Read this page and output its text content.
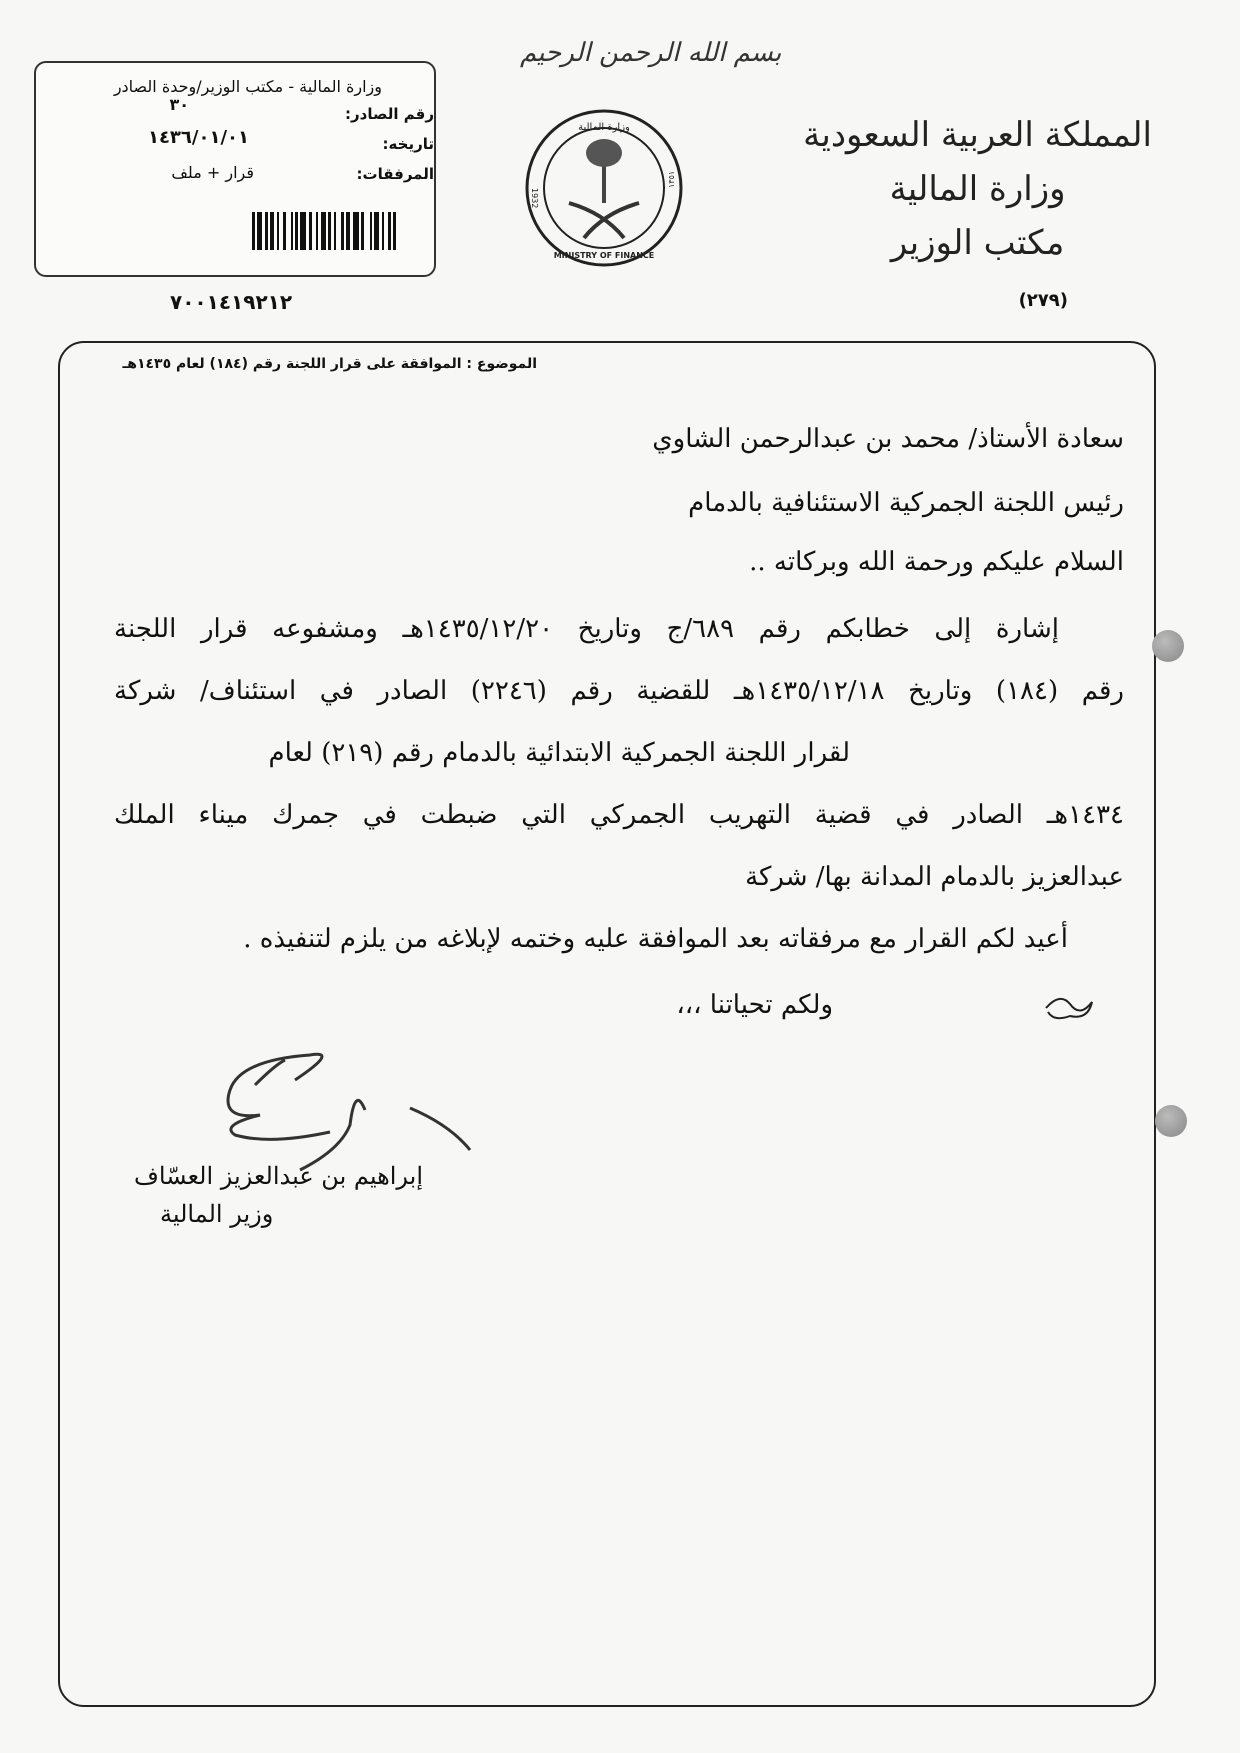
وزارة المالية - مكتب الوزير/وحدة الصادر
رقم الصادر:
٣٠
تاريخه:
١٤٣٦/٠١/٠١
المرفقات:
قرار + ملف
٧٠٠١٤١٩٢١٢
بسم الله الرحمن الرحيم
وزارة المالية
MINISTRY OF FINANCE
1932
١٣٥١
المملكة العربية السعودية
وزارة المالية
مكتب الوزير
(٢٧٩)
الموضوع : الموافقة على قرار اللجنة رقم (١٨٤) لعام ١٤٣٥هـ
سعادة الأستاذ/ محمد بن عبدالرحمن الشاوي
رئيس اللجنة الجمركية الاستئنافية بالدمام
السلام عليكم ورحمة الله وبركاته ..
إشارة إلى خطابكم رقم ٦٨٩/ج وتاريخ ١٤٣٥/١٢/٢٠هـ ومشفوعه قرار اللجنة
رقم (١٨٤) وتاريخ ١٤٣٥/١٢/١٨هـ للقضية رقم (٢٢٤٦) الصادر في استئناف/ شركة
لقرار اللجنة الجمركية الابتدائية بالدمام رقم (٢١٩) لعام
١٤٣٤هـ الصادر في قضية التهريب الجمركي التي ضبطت في جمرك ميناء الملك
عبدالعزيز بالدمام المدانة بها/ شركة
أعيد لكم القرار مع مرفقاته بعد الموافقة عليه وختمه لإبلاغه من يلزم لتنفيذه .
ولكم تحياتنا ،،،
إبراهيم بن عبدالعزيز العسّاف
وزير المالية
